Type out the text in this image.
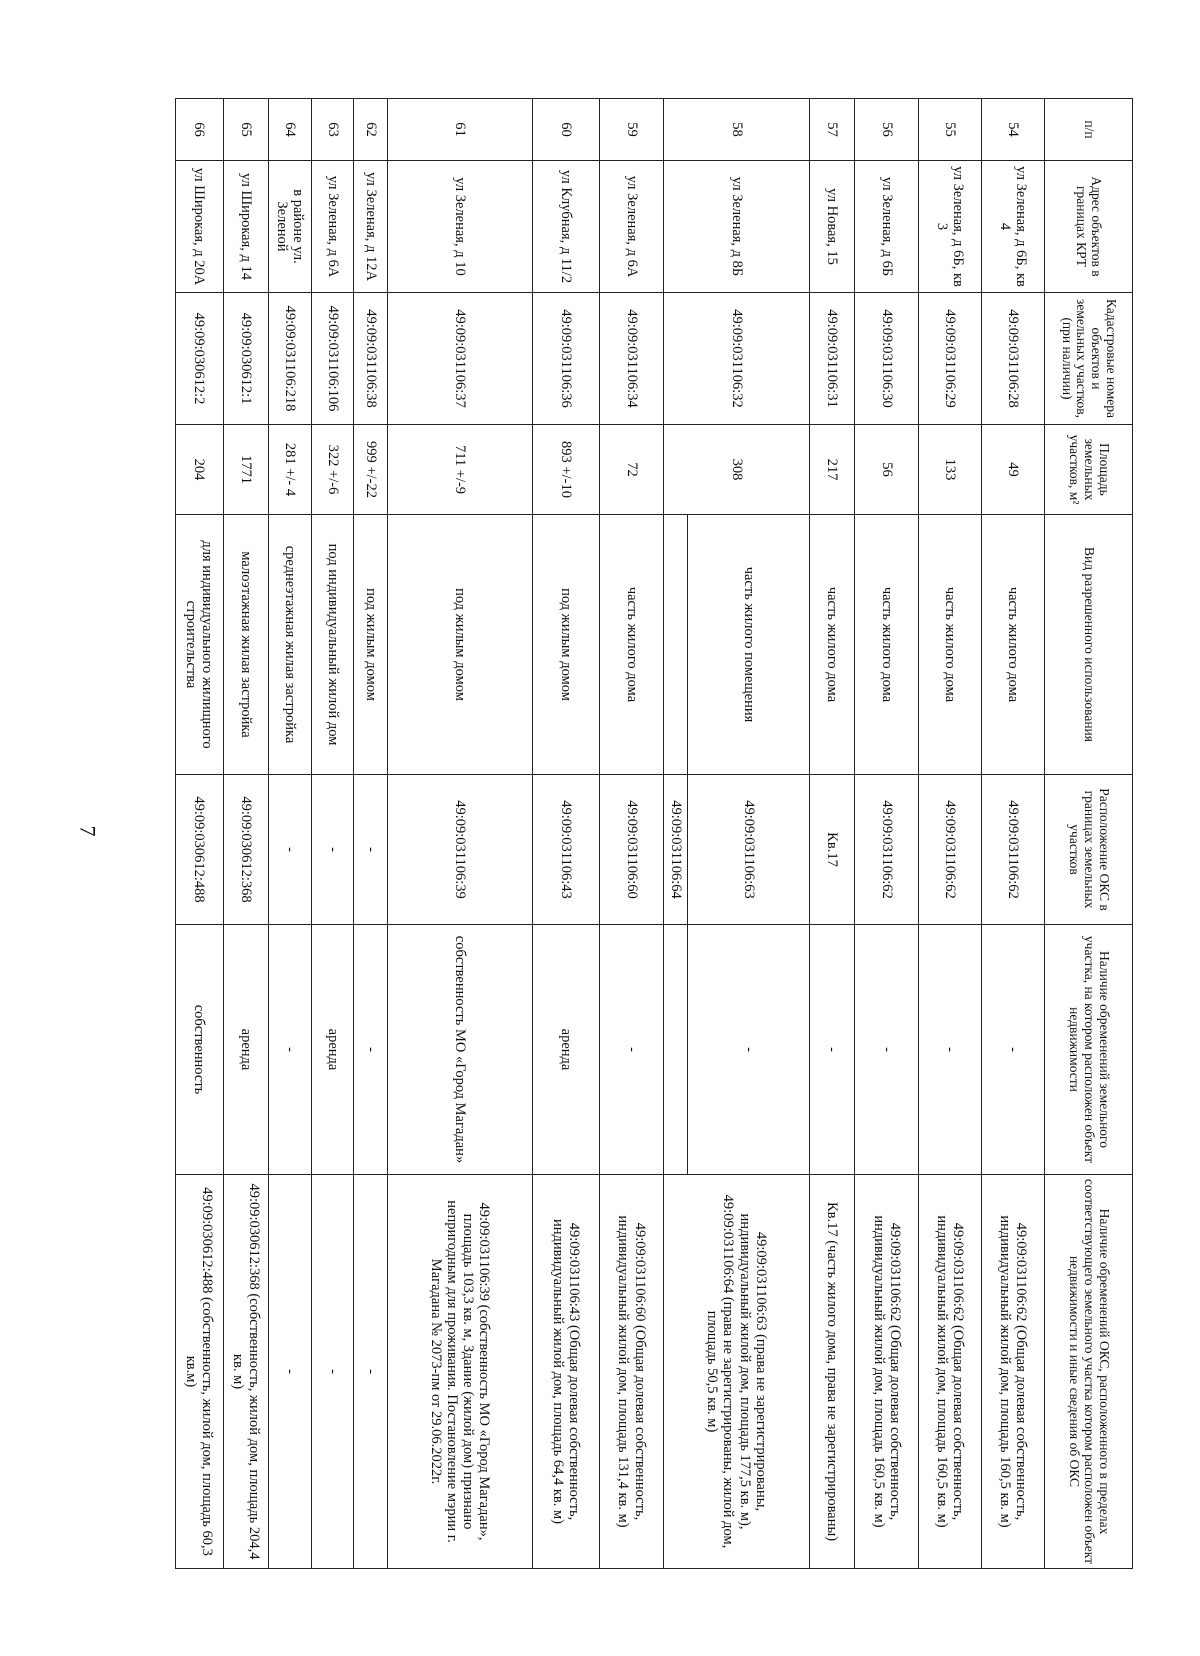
7
п/п	Адрес объектов в границах КРТ	Кадастровые номера объектов и земельных участков, (при наличии)	Площадь земельных участков, м²	Вид разрешенного использования	Расположение ОКС в границах земельных участков	Наличие обременений земельного участка, на котором расположен объект недвижимости	Наличие обременений ОКС, расположенного в пределах соответствующего земельного участка котором расположен объект недвижимости и иные сведения об ОКС
54	ул Зеленая, д 6Б, кв 4	49:09:031106:28	49	часть жилого дома	49:09:031106:62	-	49:09:031106:62 (Общая долевая собственность, индивидуальный жилой дом, площадь 160,5 кв. м)
55	ул Зеленая, д 6Б, кв 3	49:09:031106:29	133	часть жилого дома	49:09:031106:62	-	49:09:031106:62 (Общая долевая собственность, индивидуальный жилой дом, площадь 160,5 кв. м)
56	ул Зеленая, д 6Б	49:09:031106:30	56	часть жилого дома	49:09:031106:62	-	49:09:031106:62 (Общая долевая собственность, индивидуальный жилой дом, площадь 160,5 кв. м)
57	ул Новая, 15	49:09:031106:31	217	часть жилого дома	Кв.17	-	Кв.17 (часть жилого дома, права не зарегистрированы)
58	ул Зеленая, д 8Б	49:09:031106:32	308	часть жилого помещения	49:09:031106:63	-	49:09:031106:63 (права не зарегистрированы, индивидуальный жилой дом, площадь 177,5 кв. м), 49:09:031106:64 (права не зарегистрированы, жилой дом, площадь 50,5 кв. м)
					49:09:031106:64		
59	ул Зеленая, д 6А	49:09:031106:34	72	часть жилого дома	49:09:031106:60	-	49:09:031106:60 (Общая долевая собственность, индивидуальный жилой дом, площадь 131,4 кв. м)
60	ул Клубная, д 11/2	49:09:031106:36	893 +/-10	под жилым домом	49:09:031106:43	аренда	49:09:031106:43 (Общая долевая собственность, индивидуальный жилой дом, площадь 64,4 кв. м)
61	ул Зеленая, д 10	49:09:031106:37	711 +/-9	под жилым домом	49:09:031106:39	собственность МО «Город Магадан»	49:09:031106:39 (собственность МО «Город Магадан», площадь 103,3 кв. м, Здание (жилой дом) признано непригодным для проживания. Постановление мэрии г. Магадана № 2073-пм от 29.06.2022г.
62	ул Зеленая, д 12А	49:09:031106:38	999 +/-22	под жилым домом	-	-	-
63	ул Зеленая, д 6А	49:09:031106:106	322 +/-6	под индивидуальный жилой дом	-	аренда	-
64	в районе ул. Зеленой	49:09:031106:218	281 +/- 4	среднеэтажная жилая застройка	-	-	-
65	ул Широкая, д 14	49:09:030612:1	1771	малоэтажная жилая застройка	49:09:030612:368	аренда	49:09:030612:368 (собственность, жилой дом, площадь 204,4 кв. м)
66	ул Широкая, д 20А	49:09:030612:2	204	для индивидуального жилищного строительства	49:09:030612:488	собственность	49:09:030612:488 (собственность, жилой дом, площадь 60,3 кв.м)
